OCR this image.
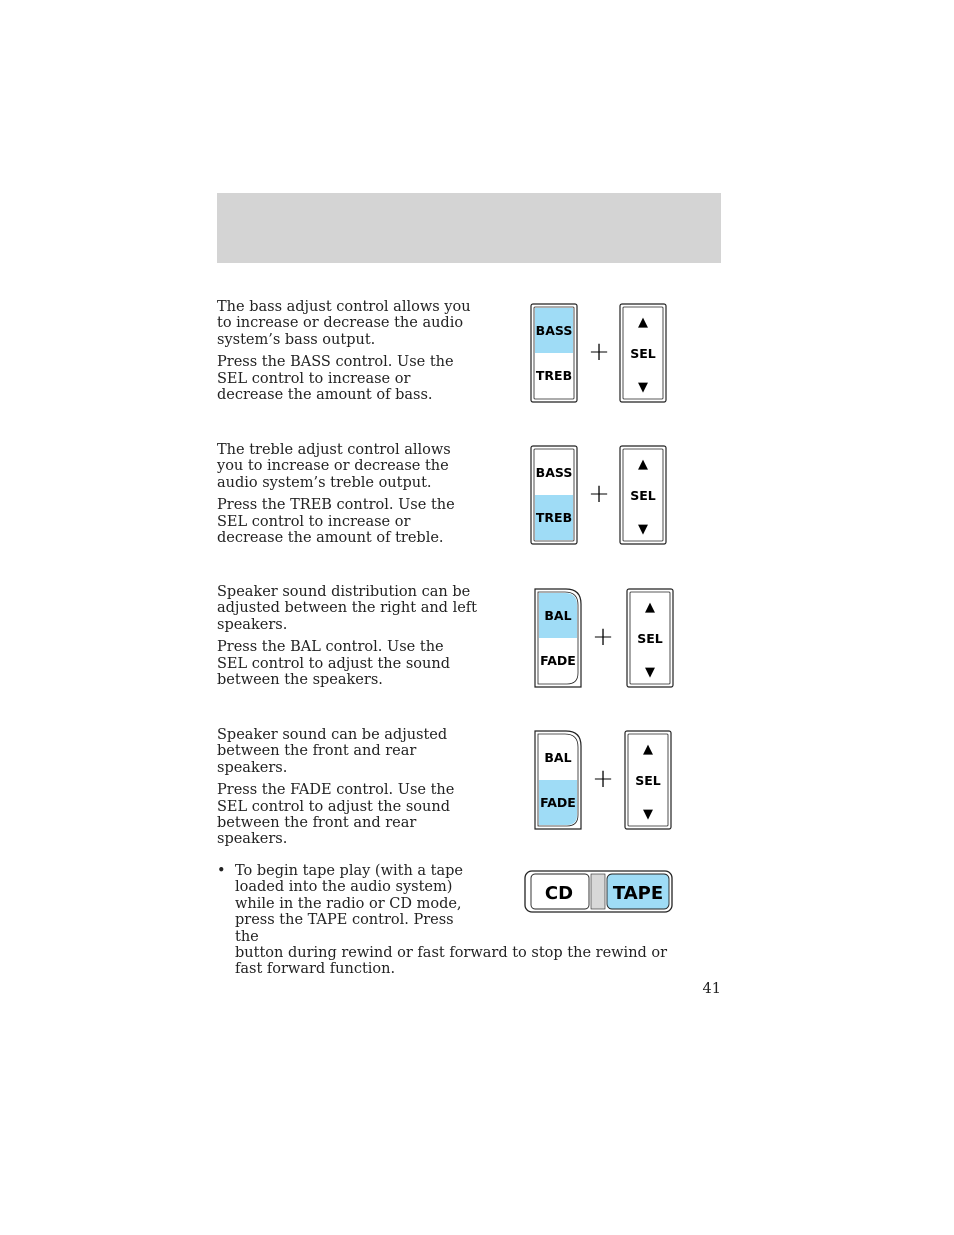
The bass adjust control allows you to increase or decrease the audio system’s bass output.

Press the BASS control. Use the SEL control to increase or decrease the amount of bass.

The treble adjust control allows you to increase or decrease the audio system’s treble output.

Press the TREB control. Use the SEL control to increase or decrease the amount of treble.

Speaker sound distribution can be adjusted between the right and left speakers.

Press the BAL control. Use the SEL control to adjust the sound between the speakers.

Speaker sound can be adjusted between the front and rear speakers.

Press the FADE control. Use the SEL control to adjust the sound between the front and rear speakers.

• To begin tape play (with a tape loaded into the audio system) while in the radio or CD mode, press the TAPE control. Press the
button during rewind or fast forward to stop the rewind or fast forward function.
BASS
TREB
+
▲
SEL
▼
BASS
TREB
+
▲
SEL
▼
BAL
FADE
+
▲
SEL
▼
BAL
FADE
+
▲
SEL
▼
CD TAPE
41
